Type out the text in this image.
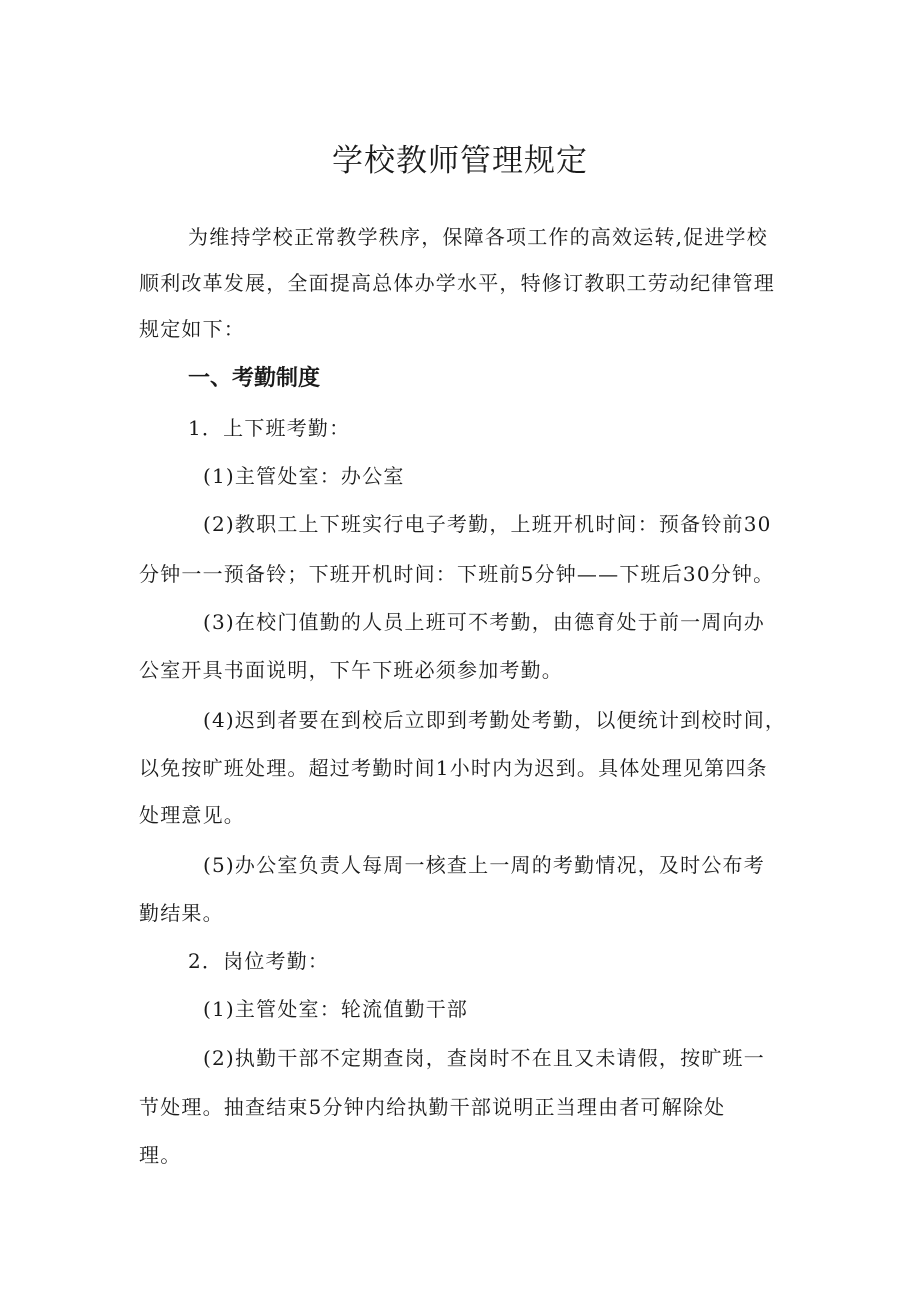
学校教师管理规定
为维持学校正常教学秩序，保障各项工作的高效运转,促进学校
顺利改革发展，全面提高总体办学水平，特修订教职工劳动纪律管理
规定如下：
一、考勤制度
1．上下班考勤：
(1)主管处室：办公室
(2)教职工上下班实行电子考勤，上班开机时间：预备铃前30
分钟一一预备铃；下班开机时间：下班前5分钟——下班后30分钟。
(3)在校门值勤的人员上班可不考勤，由德育处于前一周向办
公室开具书面说明，下午下班必须参加考勤。
(4)迟到者要在到校后立即到考勤处考勤，以便统计到校时间，
以免按旷班处理。超过考勤时间1小时内为迟到。具体处理见第四条
处理意见。
(5)办公室负责人每周一核查上一周的考勤情况，及时公布考
勤结果。
2．岗位考勤：
(1)主管处室：轮流值勤干部
(2)执勤干部不定期查岗，查岗时不在且又未请假，按旷班一
节处理。抽查结束5分钟内给执勤干部说明正当理由者可解除处
理。
